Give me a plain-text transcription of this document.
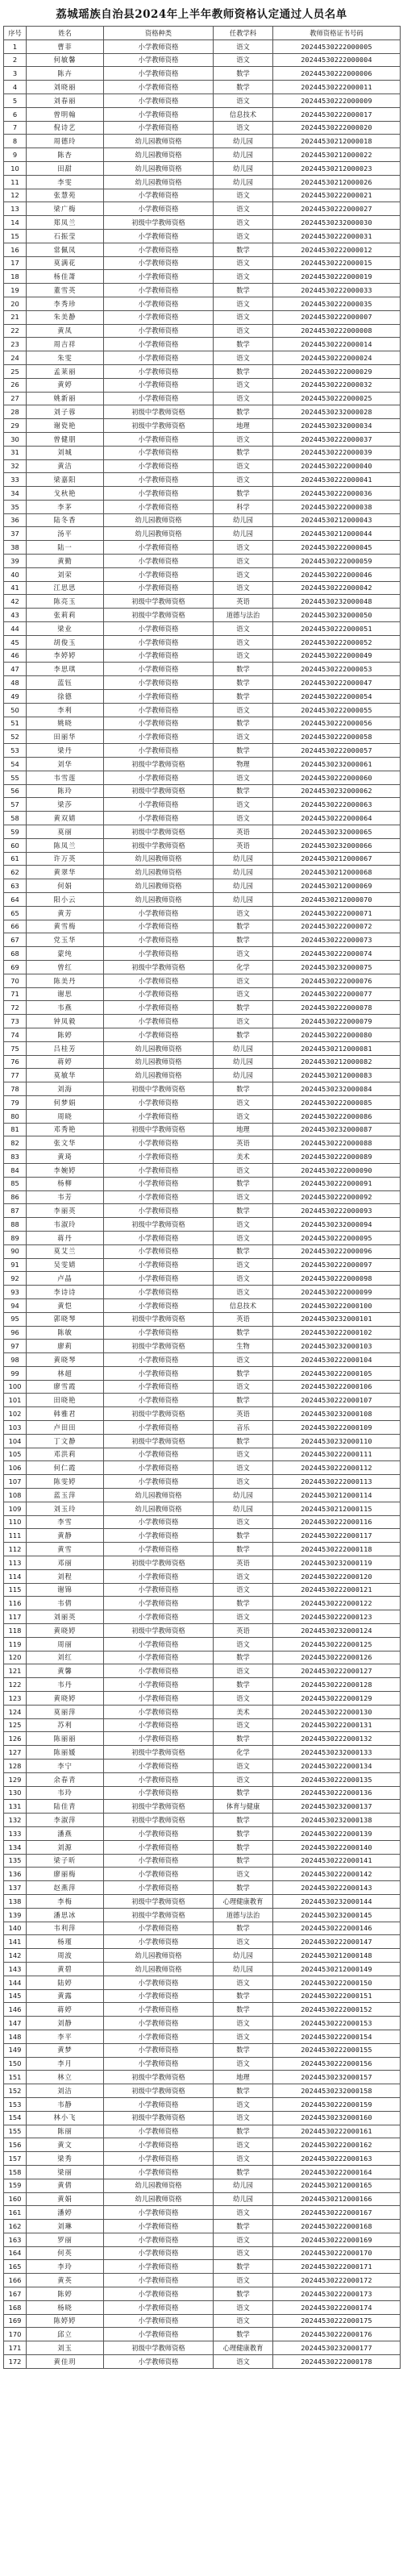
荔城瑶族自治县2024年上半年教师资格认定通过人员名单
序号	姓名	资格种类	任教学科	教师资格证书号码
1	曹菲	小学教师资格	语文	20244530222000005
2	何敏馨	小学教师资格	语文	20244530222000004
3	陈卉	小学教师资格	数学	20244530222000006
4	刘晓丽	小学教师资格	数学	20244530222000011
5	刘春丽	小学教师资格	语文	20244530222000009
6	曾明翰	小学教师资格	信息技术	20244530222000017
7	倪诗艺	小学教师资格	语文	20244530222000020
8	周德玲	幼儿园教师资格	幼儿园	20244530212000018
9	陈杏	幼儿园教师资格	幼儿园	20244530212000022
10	田甜	幼儿园教师资格	幼儿园	20244530212000023
11	李雯	幼儿园教师资格	幼儿园	20244530212000026
12	张慧苑	小学教师资格	语文	20244530222000021
13	梁广梅	小学教师资格	语文	20244530222000027
14	郑凤兰	初级中学教师资格	语文	20244530232000030
15	石振莹	小学教师资格	语文	20244530222000031
16	常佩凤	小学教师资格	数学	20244530222000012
17	莫满花	小学教师资格	语文	20244530222000015
18	杨佳萧	小学教师资格	语文	20244530222000019
19	董雪英	小学教师资格	数学	20244530222000033
20	李秀珍	小学教师资格	语文	20244530222000035
21	朱美静	小学教师资格	语文	20244530222000007
22	黄凤	小学教师资格	语文	20244530222000008
23	周吉祥	小学教师资格	数学	20244530222000014
24	朱雯	小学教师资格	语文	20244530222000024
25	孟莱丽	小学教师资格	数学	20244530222000029
26	黄婷	小学教师资格	语文	20244530222000032
27	姚新丽	小学教师资格	语文	20244530222000025
28	刘子蓉	初级中学教师资格	数学	20244530232000028
29	谢瓷艳	初级中学教师资格	地理	20244530232000034
30	曾健朋	小学教师资格	语文	20244530222000037
31	刘城	小学教师资格	数学	20244530222000039
32	黄洁	小学教师资格	语文	20244530222000040
33	梁嘉阳	小学教师资格	语文	20244530222000041
34	戈秋艳	小学教师资格	数学	20244530222000036
35	李茅	小学教师资格	科学	20244530222000038
36	陆冬香	幼儿园教师资格	幼儿园	20244530212000043
37	汤平	幼儿园教师资格	幼儿园	20244530212000044
38	陆一	小学教师资格	语文	20244530222000045
39	黄勤	小学教师资格	语文	20244530222000059
40	刘荣	小学教师资格	语文	20244530222000046
41	江思思	小学教师资格	语文	20244530222000042
42	陈亮玉	初级中学教师资格	英语	20244530232000048
43	张莉莉	初级中学教师资格	道德与法治	20244530232000050
44	梁业	小学教师资格	语文	20244530222000051
45	胡俊玉	小学教师资格	语文	20244530222000052
46	李婷婷	小学教师资格	语文	20244530222000049
47	李思琪	小学教师资格	数学	20244530222000053
48	蓝钰	小学教师资格	数学	20244530222000047
49	徐德	小学教师资格	数学	20244530222000054
50	李利	小学教师资格	语文	20244530222000055
51	姚晓	小学教师资格	数学	20244530222000056
52	田丽华	小学教师资格	语文	20244530222000058
53	梁丹	小学教师资格	数学	20244530222000057
54	刘华	初级中学教师资格	物理	20244530232000061
55	韦雪莲	小学教师资格	语文	20244530222000060
56	陈玲	初级中学教师资格	数学	20244530232000062
57	梁莎	小学教师资格	语文	20244530222000063
58	黄双婧	小学教师资格	语文	20244530222000064
59	莫丽	初级中学教师资格	英语	20244530232000065
60	陈凤兰	初级中学教师资格	英语	20244530232000066
61	许万英	幼儿园教师资格	幼儿园	20244530212000067
62	黄翠华	幼儿园教师资格	幼儿园	20244530212000068
63	何娟	幼儿园教师资格	幼儿园	20244530212000069
64	阳小云	幼儿园教师资格	幼儿园	20244530212000070
65	黄芳	小学教师资格	语文	20244530222000071
66	黄雪梅	小学教师资格	数学	20244530222000072
67	党玉华	小学教师资格	数学	20244530222000073
68	蒙纯	小学教师资格	语文	20244530222000074
69	曾红	初级中学教师资格	化学	20244530232000075
70	陈美丹	小学教师资格	语文	20244530222000076
71	谢思	小学教师资格	语文	20244530222000077
72	韦燕	小学教师资格	数学	20244530222000078
73	钟凤毅	小学教师资格	语文	20244530222000079
74	陈婷	小学教师资格	数学	20244530222000080
75	吕桂芳	幼儿园教师资格	幼儿园	20244530212000081
76	蒋婷	幼儿园教师资格	幼儿园	20244530212000082
77	莫敏华	幼儿园教师资格	幼儿园	20244530212000083
78	刘海	初级中学教师资格	数学	20244530232000084
79	何梦娟	小学教师资格	语文	20244530222000085
80	周晓	小学教师资格	语文	20244530222000086
81	邓秀艳	初级中学教师资格	地理	20244530232000087
82	张文华	小学教师资格	英语	20244530222000088
83	黄琦	小学教师资格	美术	20244530222000089
84	李婉婷	小学教师资格	语文	20244530222000090
85	杨柳	小学教师资格	数学	20244530222000091
86	韦芳	小学教师资格	语文	20244530222000092
87	李丽英	小学教师资格	数学	20244530222000093
88	韦淑玲	初级中学教师资格	语文	20244530232000094
89	蒋丹	小学教师资格	语文	20244530222000095
90	莫艾兰	小学教师资格	数学	20244530222000096
91	吴雯婧	小学教师资格	语文	20244530222000097
92	卢晶	小学教师资格	语文	20244530222000098
93	李诗诗	小学教师资格	语文	20244530222000099
94	黄恺	小学教师资格	信息技术	20244530222000100
95	郭晓琴	初级中学教师资格	英语	20244530232000101
96	陈敏	小学教师资格	数学	20244530222000102
97	廖莉	初级中学教师资格	生物	20244530232000103
98	黄晓琴	小学教师资格	语文	20244530222000104
99	林超	小学教师资格	数学	20244530222000105
100	廖雪霞	小学教师资格	语文	20244530222000106
101	田晓艳	小学教师资格	数学	20244530222000107
102	韩雅君	初级中学教师资格	英语	20244530232000108
103	卢田田	小学教师资格	音乐	20244530222000109
104	丁文静	初级中学教师资格	数学	20244530232000110
105	邓洪莉	小学教师资格	语文	20244530222000111
106	何仁霞	小学教师资格	语文	20244530222000112
107	陈雯婷	小学教师资格	语文	20244530222000113
108	蓝玉萍	幼儿园教师资格	幼儿园	20244530212000114
109	刘玉玲	幼儿园教师资格	幼儿园	20244530212000115
110	李雪	小学教师资格	语文	20244530222000116
111	黄静	小学教师资格	数学	20244530222000117
112	黄雪	小学教师资格	数学	20244530222000118
113	邓丽	初级中学教师资格	英语	20244530232000119
114	刘程	小学教师资格	语文	20244530222000120
115	谢锦	小学教师资格	语文	20244530222000121
116	韦倩	小学教师资格	数学	20244530222000122
117	刘丽英	小学教师资格	语文	20244530222000123
118	黄晓婷	初级中学教师资格	英语	20244530232000124
119	周丽	小学教师资格	语文	20244530222000125
120	刘红	小学教师资格	数学	20244530222000126
121	黄馨	小学教师资格	语文	20244530222000127
122	韦丹	小学教师资格	数学	20244530222000128
123	黄晓婷	小学教师资格	语文	20244530222000129
124	莫丽萍	小学教师资格	美术	20244530222000130
125	苏利	小学教师资格	语文	20244530222000131
126	陈丽丽	小学教师资格	数学	20244530222000132
127	陈丽媛	初级中学教师资格	化学	20244530232000133
128	李宁	小学教师资格	语文	20244530222000134
129	余春青	小学教师资格	语文	20244530222000135
130	韦玲	小学教师资格	数学	20244530222000136
131	陆佳青	初级中学教师资格	体育与健康	20244530232000137
132	李淑萍	初级中学教师资格	数学	20244530232000138
133	潘燕	小学教师资格	数学	20244530222000139
134	刘源	小学教师资格	数学	20244530222000140
135	梁子昕	小学教师资格	数学	20244530222000141
136	廖丽梅	小学教师资格	语文	20244530222000142
137	赵燕萍	小学教师资格	数学	20244530222000143
138	李梅	初级中学教师资格	心理健康教育	20244530232000144
139	潘思冰	初级中学教师资格	道德与法治	20244530232000145
140	韦利萍	小学教师资格	数学	20244530222000146
141	杨瑾	小学教师资格	语文	20244530222000147
142	周波	幼儿园教师资格	幼儿园	20244530212000148
143	黄碧	幼儿园教师资格	幼儿园	20244530212000149
144	陆婷	小学教师资格	语文	20244530222000150
145	黄露	小学教师资格	数学	20244530222000151
146	蒋婷	小学教师资格	数学	20244530222000152
147	刘静	小学教师资格	语文	20244530222000153
148	李平	小学教师资格	语文	20244530222000154
149	黄梦	小学教师资格	数学	20244530222000155
150	李月	小学教师资格	语文	20244530222000156
151	林立	初级中学教师资格	地理	20244530232000157
152	刘洁	初级中学教师资格	数学	20244530232000158
153	韦静	小学教师资格	语文	20244530222000159
154	林小飞	初级中学教师资格	语文	20244530232000160
155	陈丽	小学教师资格	数学	20244530222000161
156	黄文	小学教师资格	语文	20244530222000162
157	梁秀	小学教师资格	语文	20244530222000163
158	梁丽	小学教师资格	数学	20244530222000164
159	黄倩	幼儿园教师资格	幼儿园	20244530212000165
160	黄娟	幼儿园教师资格	幼儿园	20244530212000166
161	潘婷	小学教师资格	语文	20244530222000167
162	刘琳	小学教师资格	数学	20244530222000168
163	罗丽	小学教师资格	语文	20244530222000169
164	何英	小学教师资格	语文	20244530222000170
165	李玲	小学教师资格	数学	20244530222000171
166	黄英	小学教师资格	语文	20244530222000172
167	陈婷	小学教师资格	数学	20244530222000173
168	杨晓	小学教师资格	语文	20244530222000174
169	陈婷婷	小学教师资格	语文	20244530222000175
170	邱立	小学教师资格	数学	20244530222000176
171	刘玉	初级中学教师资格	心理健康教育	20244530232000177
172	黄佳玥	小学教师资格	语文	20244530222000178
